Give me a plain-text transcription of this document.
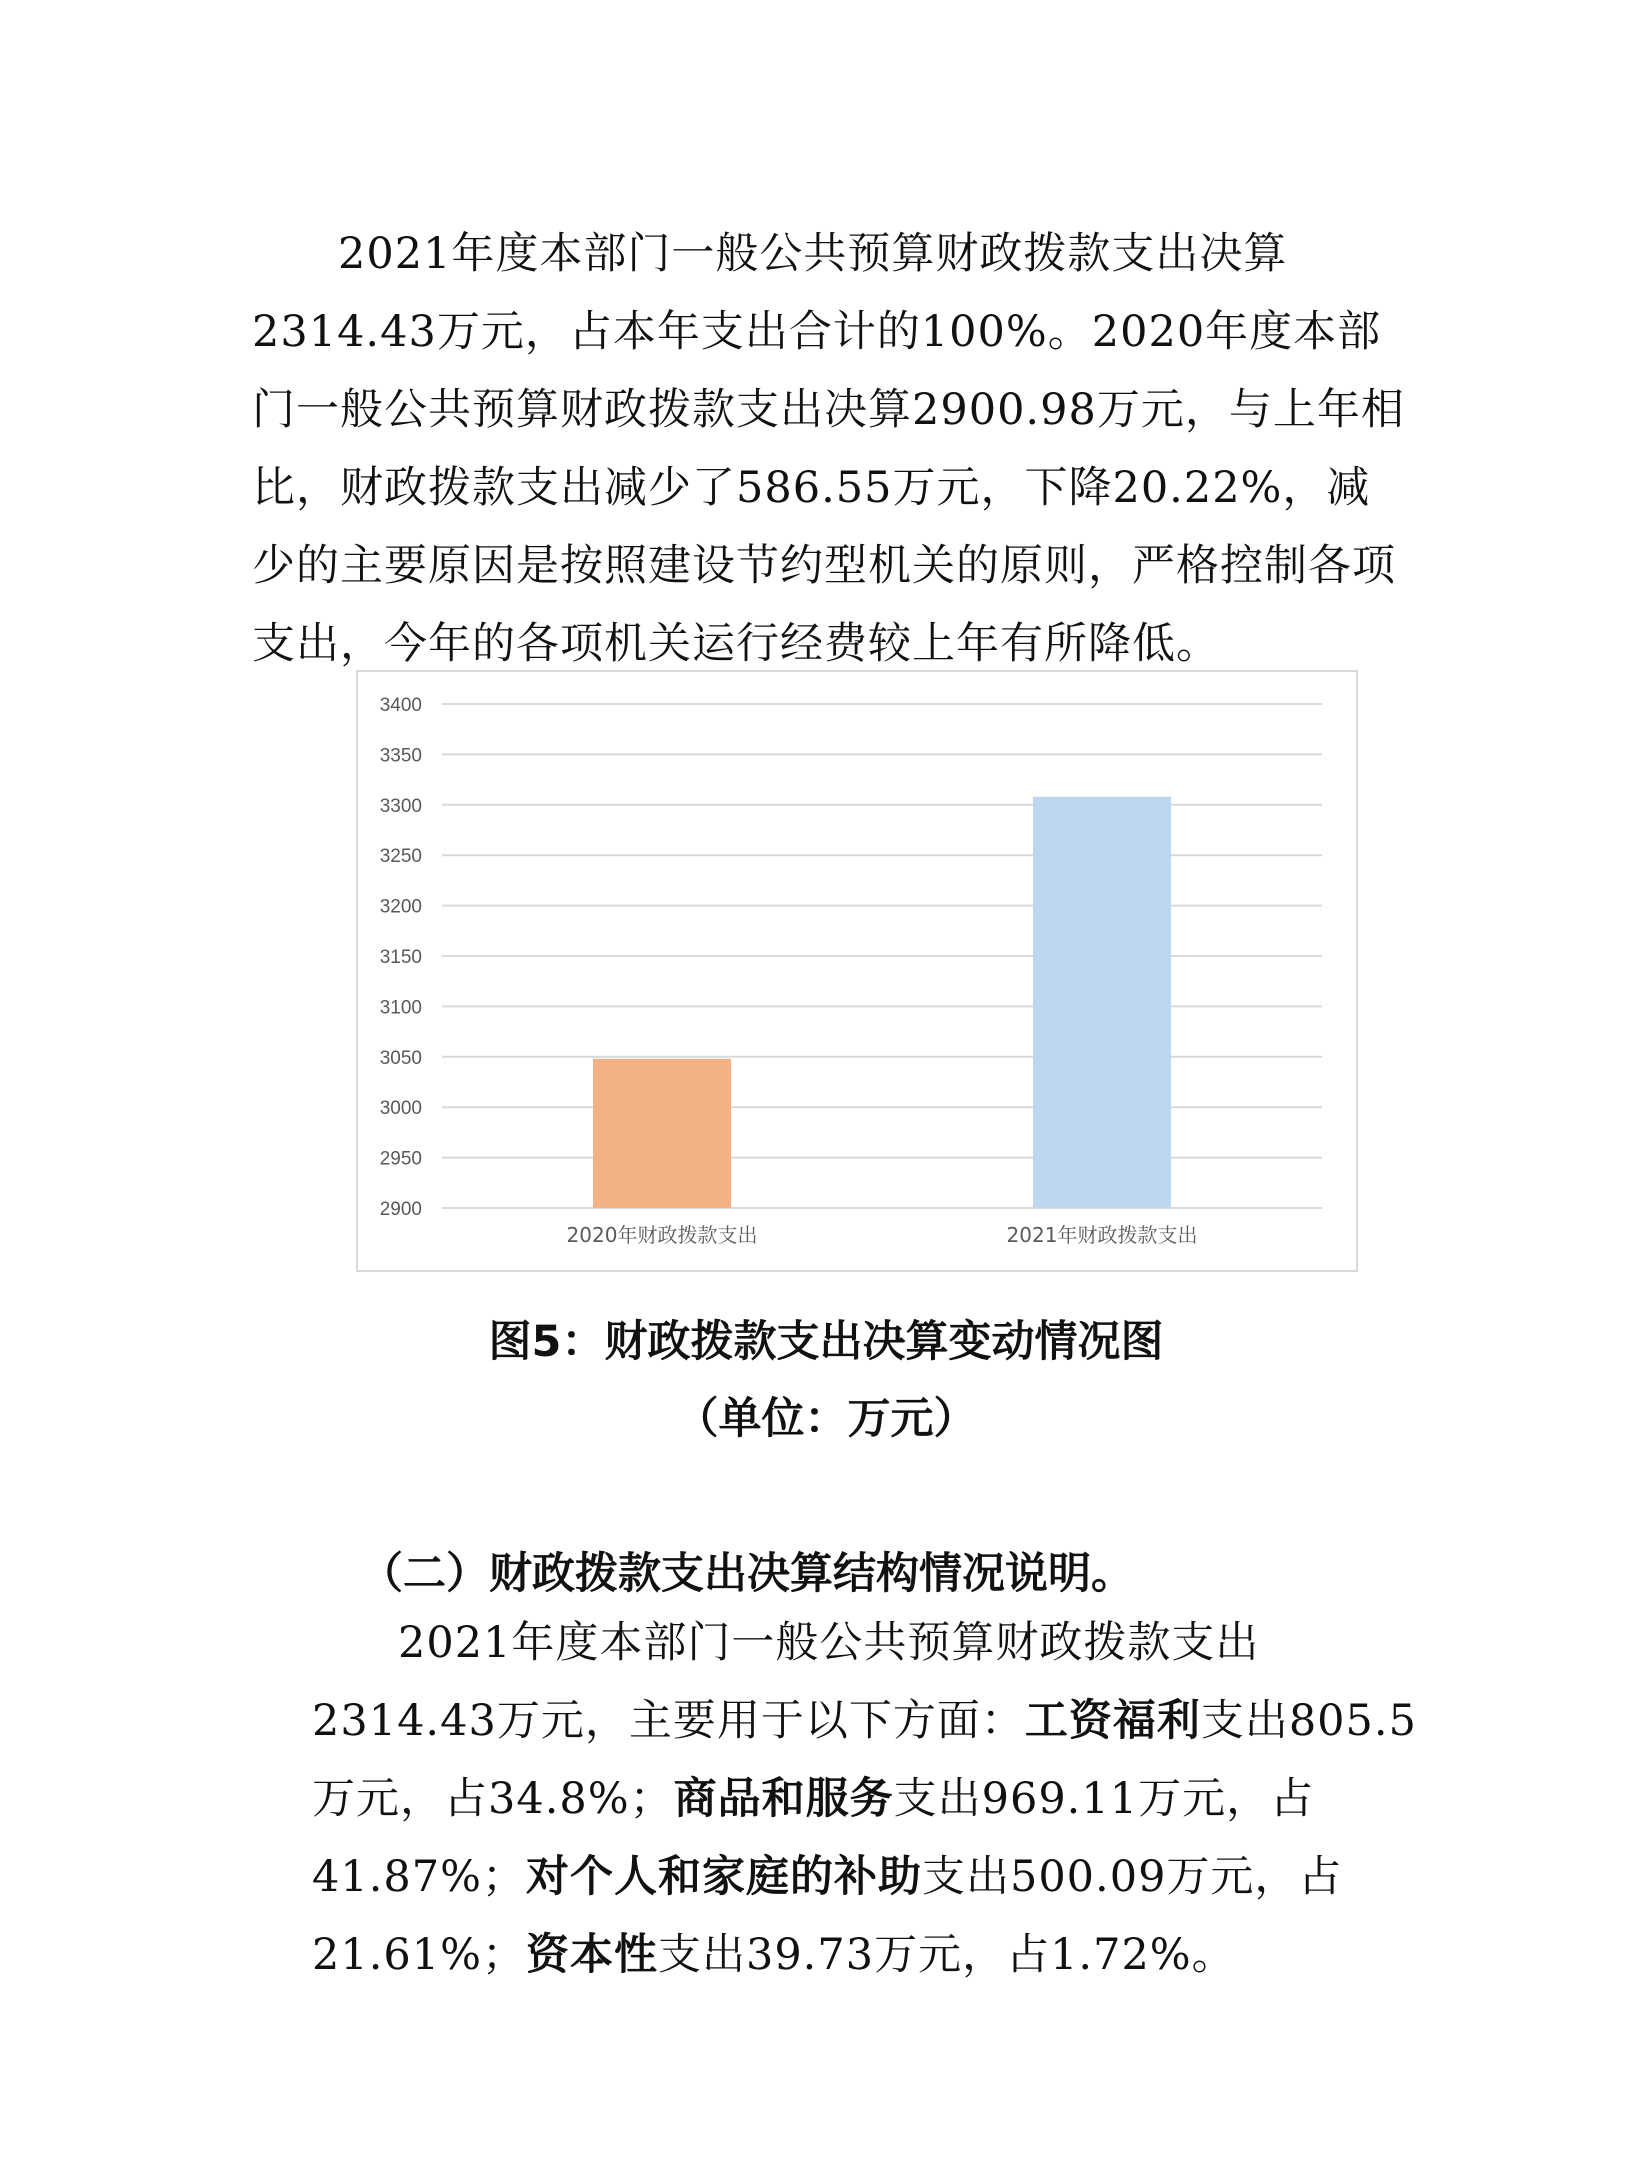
2021年度本部门一般公共预算财政拨款支出决算2314.43万元，占本年支出合计的100%。2020年度本部门一般公共预算财政拨款支出决算2900.98万元，与上年相比，财政拨款支出减少了586.55万元，下降20.22%，减少的主要原因是按照建设节约型机关的原则，严格控制各项支出，今年的各项机关运行经费较上年有所降低。

2900
2950
3000
3050
3100
3150
3200
3250
3300
3350
3400
2020年财政拨款支出	2021年财政拨款支出
图5：财政拨款支出决算变动情况图
（单位：万元）
（二）财政拨款支出决算结构情况说明。

2021年度本部门一般公共预算财政拨款支出2314.43万元，主要用于以下方面：工资福利支出805.5万元，占34.8%；商品和服务支出969.11万元，占41.87%；对个人和家庭的补助支出500.09万元，占21.61%；资本性支出39.73万元，占1.72%。
